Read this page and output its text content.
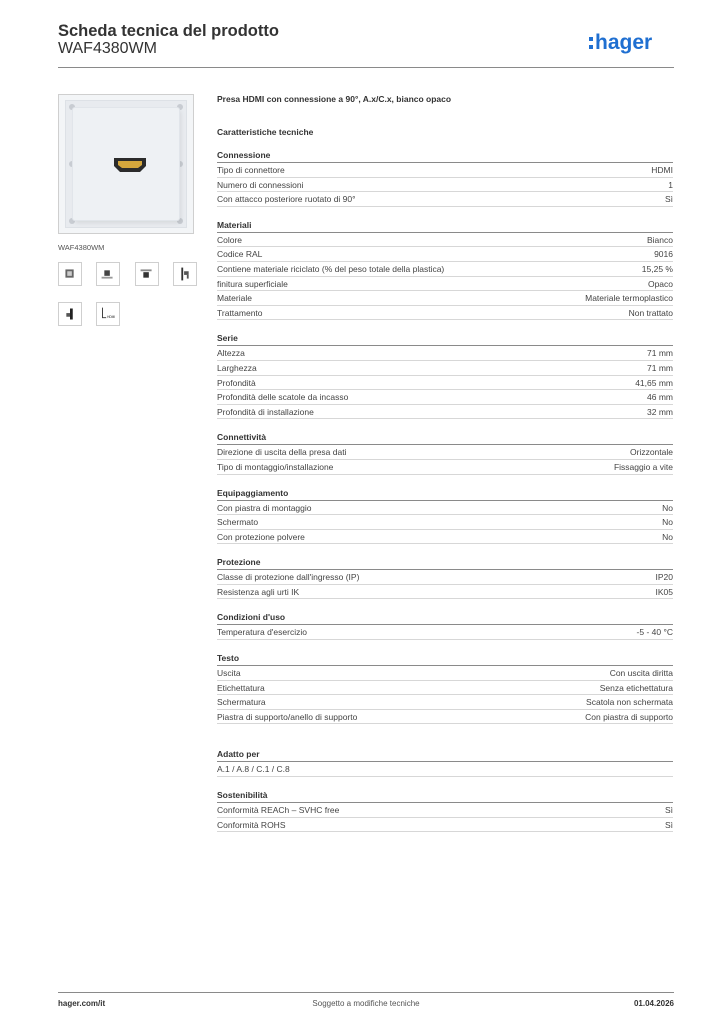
Scheda tecnica del prodotto
WAF4380WM	hager
WAF4380WM
HDMI
Presa HDMI con connessione a 90°, A.x/C.x, bianco opaco
Caratteristiche tecniche
Connessione
Tipo di connettore	HDMI
Numero di connessioni	1
Con attacco posteriore ruotato di 90°	Sì
Materiali
Colore	Bianco
Codice RAL	9016
Contiene materiale riciclato (% del peso totale della plastica)	15,25 %
finitura superficiale	Opaco
Materiale	Materiale termoplastico
Trattamento	Non trattato
Serie
Altezza	71 mm
Larghezza	71 mm
Profondità	41,65 mm
Profondità delle scatole da incasso	46 mm
Profondità di installazione	32 mm
Connettività
Direzione di uscita della presa dati	Orizzontale
Tipo di montaggio/installazione	Fissaggio a vite
Equipaggiamento
Con piastra di montaggio	No
Schermato	No
Con protezione polvere	No
Protezione
Classe di protezione dall'ingresso (IP)	IP20
Resistenza agli urti IK	IK05
Condizioni d'uso
Temperatura d'esercizio	-5 - 40 °C
Testo
Uscita	Con uscita diritta
Etichettatura	Senza etichettatura
Schermatura	Scatola non schermata
Piastra di supporto/anello di supporto	Con piastra di supporto
Adatto per
A.1 / A.8 / C.1 / C.8
Sostenibilità
Conformità REACh – SVHC free	Sì
Conformità ROHS	Sì
hager.com/it	Soggetto a modifiche tecniche	01.04.2026
